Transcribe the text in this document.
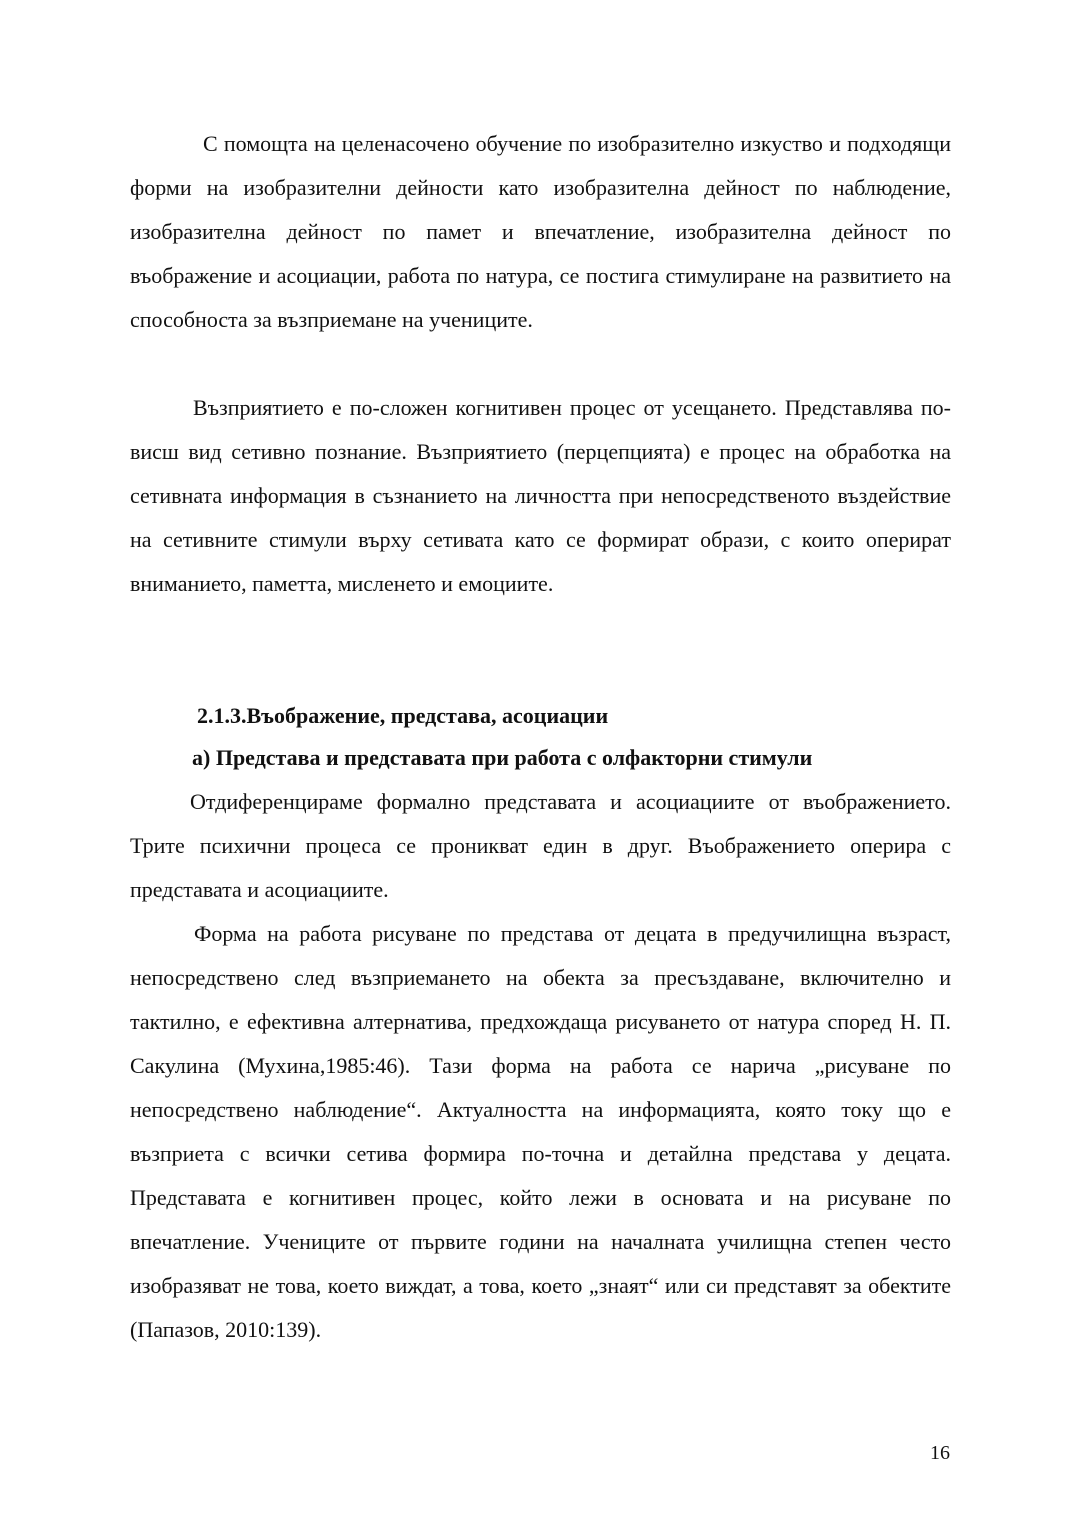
С помощта на целенасочено обучение по изобразително изкуство и подходящи форми на изобразителни дейности като изобразителна дейност по наблюдение, изобразителна дейност по памет и впечатление, изобразителна дейност по въображение и асоциации, работа по натура, се постига стимулиране на развитието на способноста за възприемане на учениците.

Възприятието е по-сложен когнитивен процес от усещането. Представлява по-висш вид сетивно познание. Възприятието (перцепцията) е процес на обработка на сетивната информация в съзнанието на личността при непосредственото въздействие на сетивните стимули върху сетивата като се формират образи, с които оперират вниманието, паметта, мисленето и емоциите.

2.1.3.Въображение, представа, асоциации
а) Представа и представата при работа с олфакторни стимули

Отдиференцираме формално представата и асоциациите от въображението. Трите психични процеса се проникват един в друг. Въображението оперира с представата и асоциациите.

Форма на работа рисуване по представа от децата в предучилищна възраст, непосредствено след възприемането на обекта за пресъздаване, включително и тактилно, е ефективна алтернатива, предхождаща рисуването от натура според Н. П. Сакулина (Мухина,1985:46). Тази форма на работа се нарича „рисуване по непосредствено наблюдение“. Актуалността на информацията, която току що е възприета с всички сетива формира по-точна и детайлна представа у децата. Представата е когнитивен процес, който лежи в основата и на рисуване по впечатление. Учениците от първите години на началната училищна степен често изобразяват не това, което виждат, а това, което „знаят“ или си представят за обектите (Папазов, 2010:139).

16
